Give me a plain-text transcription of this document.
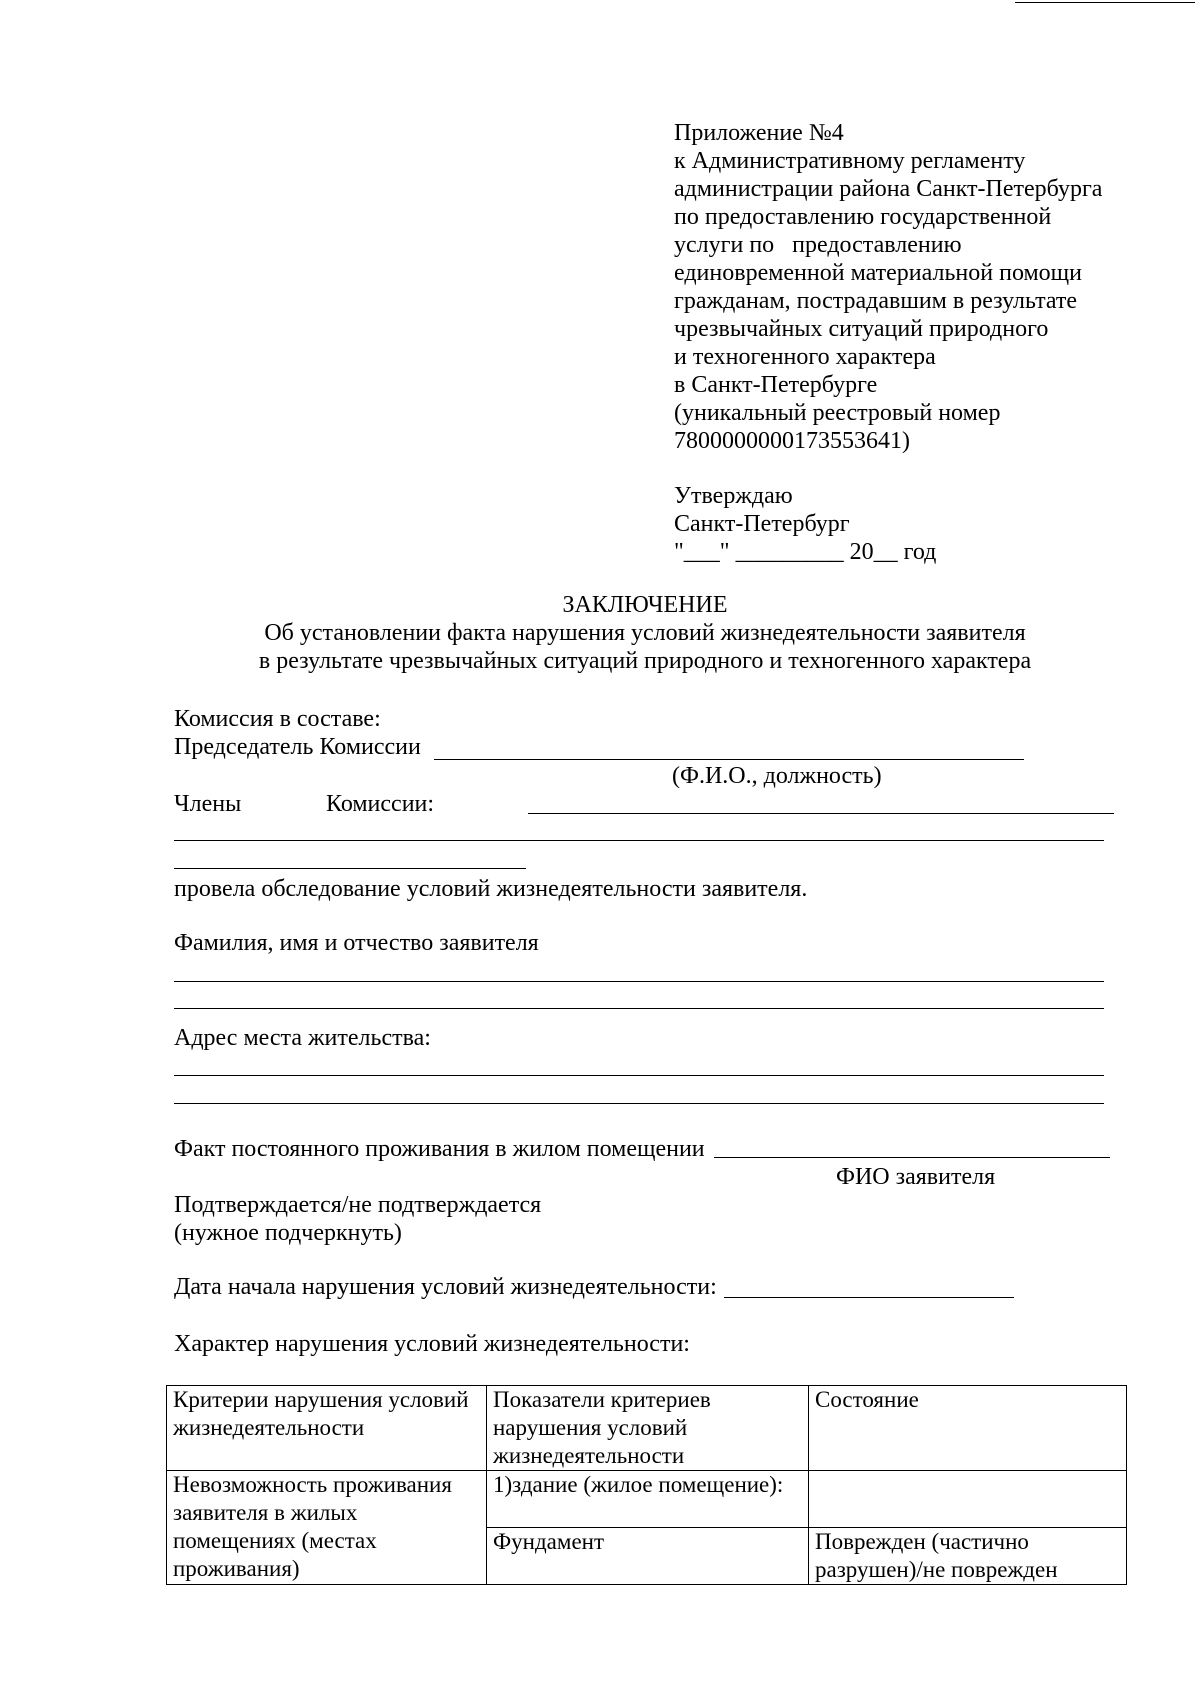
Приложение №4
к Административному регламенту
администрации района Санкт-Петербурга
по предоставлению государственной
услуги по   предоставлению
единовременной материальной помощи
гражданам, пострадавшим в результате
чрезвычайных ситуаций природного
и техногенного характера
в Санкт-Петербурге
(уникальный реестровый номер
7800000000173553641)
Утверждаю
Санкт-Петербург
"___" _________ 20__ год
ЗАКЛЮЧЕНИЕ
Об установлении факта нарушения условий жизнедеятельности заявителя
в результате чрезвычайных ситуаций природного и техногенного характера
Комиссия в составе:
Председатель Комиссии
(Ф.И.О., должность)
Члены	Комиссии:
провела обследование условий жизнедеятельности заявителя.
Фамилия, имя и отчество заявителя
Адрес места жительства:
Факт постоянного проживания в жилом помещении
ФИО заявителя
Подтверждается/не подтверждается
(нужное подчеркнуть)
Дата начала нарушения условий жизнедеятельности:
Характер нарушения условий жизнедеятельности:
Критерии нарушения условий жизнедеятельности	Показатели критериев нарушения условий жизнедеятельности	Состояние
Невозможность проживания заявителя в жилых помещениях (местах проживания)	1)здание (жилое помещение):	
	Фундамент	Поврежден (частично разрушен)/не поврежден
